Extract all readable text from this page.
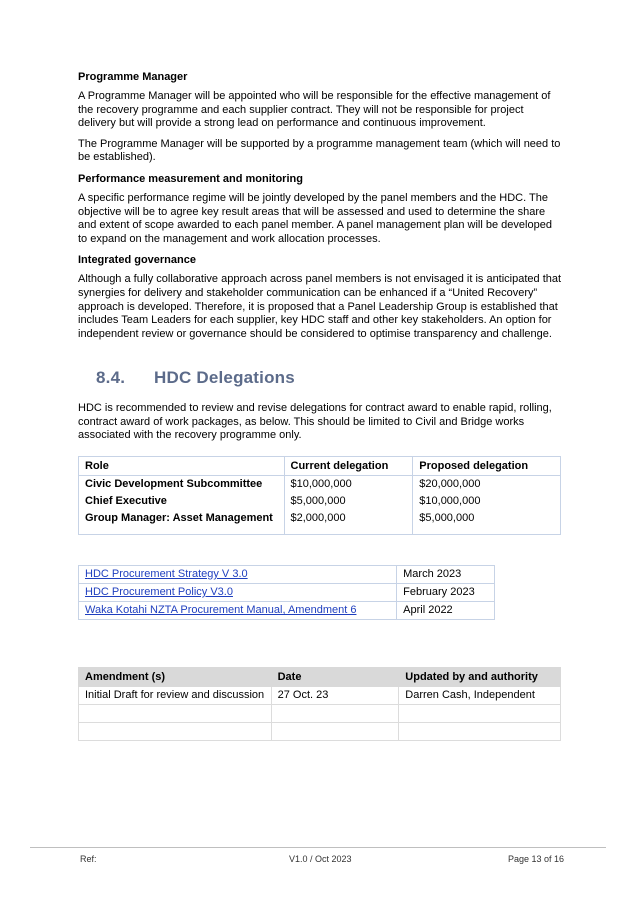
Programme Manager

A Programme Manager will be appointed who will be responsible for the effective management of the recovery programme and each supplier contract. They will not be responsible for project delivery but will provide a strong lead on performance and continuous improvement.

The Programme Manager will be supported by a programme management team (which will need to be established).

Performance measurement and monitoring

A specific performance regime will be jointly developed by the panel members and the HDC. The objective will be to agree key result areas that will be assessed and used to determine the share and extent of scope awarded to each panel member. A panel management plan will be developed to expand on the management and work allocation processes.

Integrated governance

Although a fully collaborative approach across panel members is not envisaged it is anticipated that synergies for delivery and stakeholder communication can be enhanced if a “United Recovery” approach is developed. Therefore, it is proposed that a Panel Leadership Group is established that includes Team Leaders for each supplier, key HDC staff and other key stakeholders. An option for independent review or governance should be considered to optimise transparency and challenge.

8.4. HDC Delegations

HDC is recommended to review and revise delegations for contract award to enable rapid, rolling, contract award of work packages, as below. This should be limited to Civil and Bridge works associated with the recovery programme only.

Role	Current delegation	Proposed delegation
Civic Development Subcommittee	$10,000,000	$20,000,000
Chief Executive	$5,000,000	$10,000,000
Group Manager: Asset Management	$2,000,000	$5,000,000
HDC Procurement Strategy V 3.0	March 2023
HDC Procurement Policy V3.0	February 2023
Waka Kotahi NZTA Procurement Manual, Amendment 6	April 2022
Amendment (s)	Date	Updated by and authority
Initial Draft for review and discussion	27 Oct. 23	Darren Cash, Independent

Ref:	V1.0 / Oct 2023	Page 13 of 16
